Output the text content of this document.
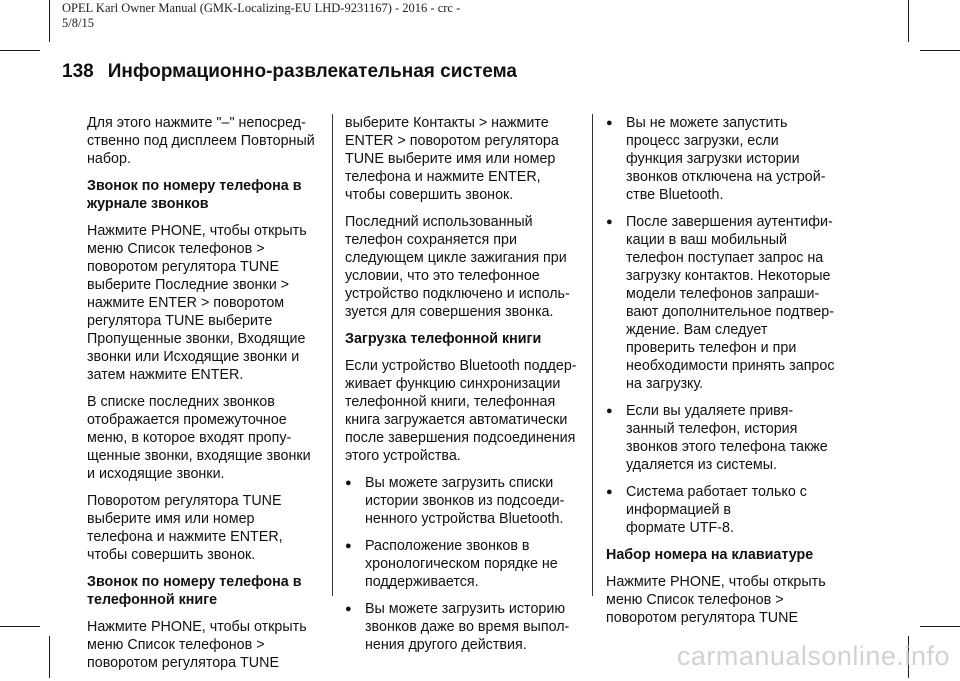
OPEL Karl Owner Manual (GMK-Localizing-EU LHD-9231167) - 2016 - crc -
5/8/15
138 Информационно-развлекательная система

Для этого нажмите "–" непосред-
ственно под дисплеем Повторный
набор.

Звонок по номеру телефона в
журнале звонков

Нажмите PHONE, чтобы открыть
меню Список телефонов >
поворотом регулятора TUNE
выберите Последние звонки >
нажмите ENTER > поворотом
регулятора TUNE выберите
Пропущенные звонки, Входящие
звонки или Исходящие звонки и
затем нажмите ENTER.

В списке последних звонков
отображается промежуточное
меню, в которое входят пропу-
щенные звонки, входящие звонки
и исходящие звонки.

Поворотом регулятора TUNE
выберите имя или номер
телефона и нажмите ENTER,
чтобы совершить звонок.

Звонок по номеру телефона в
телефонной книге

Нажмите PHONE, чтобы открыть
меню Список телефонов >
поворотом регулятора TUNE

выберите Контакты > нажмите
ENTER > поворотом регулятора
TUNE выберите имя или номер
телефона и нажмите ENTER,
чтобы совершить звонок.

Последний использованный
телефон сохраняется при
следующем цикле зажигания при
условии, что это телефонное
устройство подключено и исполь-
зуется для совершения звонка.

Загрузка телефонной книги

Если устройство Bluetooth поддер-
живает функцию синхронизации
телефонной книги, телефонная
книга загружается автоматически
после завершения подсоединения
этого устройства.

● Вы можете загрузить списки
истории звонков из подсоеди-
ненного устройства Bluetooth.
● Расположение звонков в
хронологическом порядке не
поддерживается.
● Вы можете загрузить историю
звонков даже во время выпол-
нения другого действия.
● Вы не можете запустить
процесс загрузки, если
функция загрузки истории
звонков отключена на устрой-
стве Bluetooth.
● После завершения аутентифи-
кации в ваш мобильный
телефон поступает запрос на
загрузку контактов. Некоторые
модели телефонов запраши-
вают дополнительное подтвер-
ждение. Вам следует
проверить телефон и при
необходимости принять запрос
на загрузку.
● Если вы удаляете привя-
занный телефон, история
звонков этого телефона также
удаляется из системы.
● Система работает только с
информацией в
формате UTF-8.

Набор номера на клавиатуре

Нажмите PHONE, чтобы открыть
меню Список телефонов >
поворотом регулятора TUNE

carmanualsonline.info
